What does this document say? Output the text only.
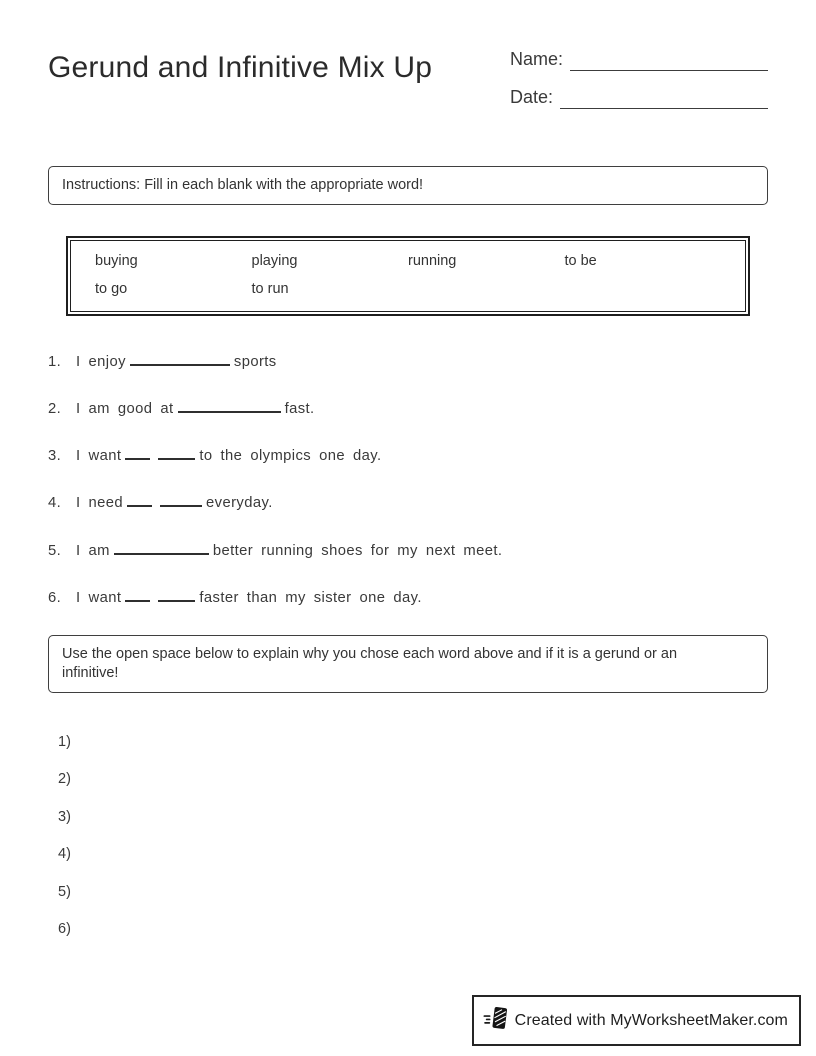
Gerund and Infinitive Mix Up	Name:
Date:
Instructions: Fill in each blank with the appropriate word!
buying	playing	running	to be
to go	to run
1.	I enjoy	sports
2.	I am good at	fast.
3.	I want	to the olympics one day.
4.	I need	everyday.
5.	I am	better running shoes for my next meet.
6.	I want	faster than my sister one day.
Use the open space below to explain why you chose each word above and if it is a gerund or an infinitive!
1)
2)
3)
4)
5)
6)
Created with MyWorksheetMaker.com
